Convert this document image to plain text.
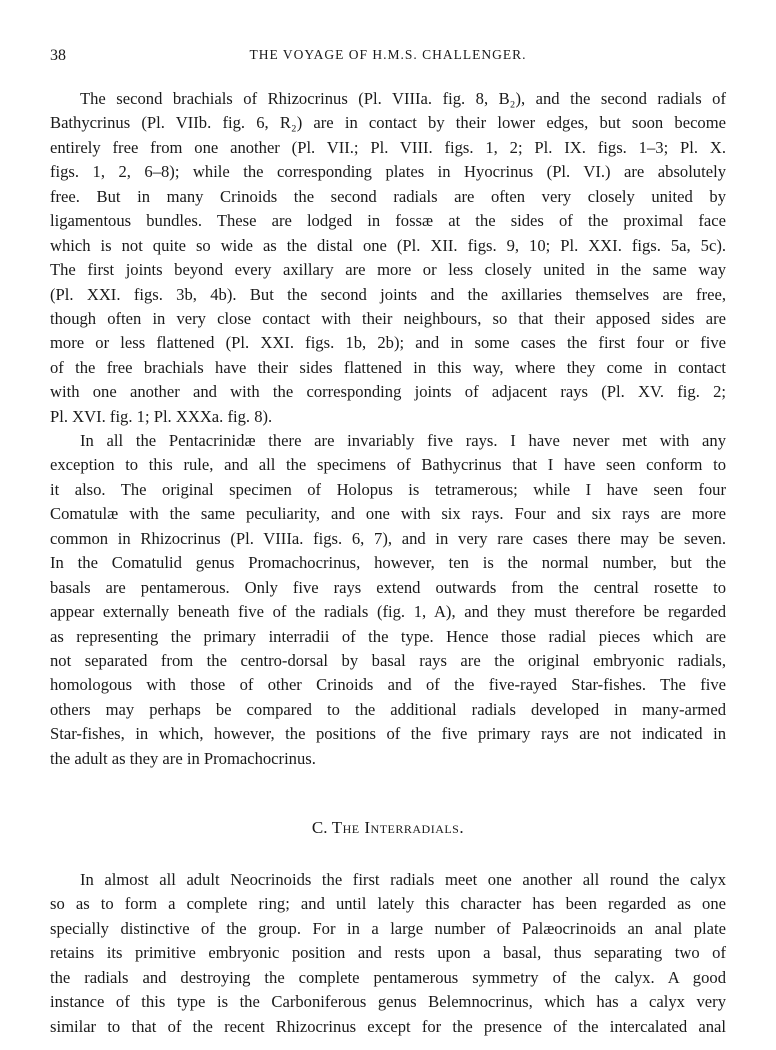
38	THE VOYAGE OF H.M.S. CHALLENGER.
The second brachials of Rhizocrinus (Pl. VIIIa. fig. 8, B₂), and the second radials of
Bathycrinus (Pl. VIIb. fig. 6, R₂) are in contact by their lower edges, but soon become
entirely free from one another (Pl. VII.; Pl. VIII. figs. 1, 2; Pl. IX. figs. 1–3; Pl. X.
figs. 1, 2, 6–8); while the corresponding plates in Hyocrinus (Pl. VI.) are absolutely
free. But in many Crinoids the second radials are often very closely united by
ligamentous bundles. These are lodged in fossæ at the sides of the proximal face
which is not quite so wide as the distal one (Pl. XII. figs. 9, 10; Pl. XXI. figs. 5a, 5c).
The first joints beyond every axillary are more or less closely united in the same way
(Pl. XXI. figs. 3b, 4b). But the second joints and the axillaries themselves are free,
though often in very close contact with their neighbours, so that their apposed sides are
more or less flattened (Pl. XXI. figs. 1b, 2b); and in some cases the first four or five
of the free brachials have their sides flattened in this way, where they come in contact
with one another and with the corresponding joints of adjacent rays (Pl. XV. fig. 2;
Pl. XVI. fig. 1; Pl. XXXa. fig. 8).
In all the Pentacrinidæ there are invariably five rays. I have never met with any
exception to this rule, and all the specimens of Bathycrinus that I have seen conform to
it also. The original specimen of Holopus is tetramerous; while I have seen four
Comatulæ with the same peculiarity, and one with six rays. Four and six rays are more
common in Rhizocrinus (Pl. VIIIa. figs. 6, 7), and in very rare cases there may be seven.
In the Comatulid genus Promachocrinus, however, ten is the normal number, but the
basals are pentamerous. Only five rays extend outwards from the central rosette to
appear externally beneath five of the radials (fig. 1, A), and they must therefore be regarded
as representing the primary interradii of the type. Hence those radial pieces which are
not separated from the centro-dorsal by basal rays are the original embryonic radials,
homologous with those of other Crinoids and of the five-rayed Star-fishes. The five
others may perhaps be compared to the additional radials developed in many-armed
Star-fishes, in which, however, the positions of the five primary rays are not indicated in
the adult as they are in Promachocrinus.
C. The Interradials.
In almost all adult Neocrinoids the first radials meet one another all round the calyx
so as to form a complete ring; and until lately this character has been regarded as one
specially distinctive of the group. For in a large number of Palæocrinoids an anal plate
retains its primitive embryonic position and rests upon a basal, thus separating two of
the radials and destroying the complete pentamerous symmetry of the calyx. A good
instance of this type is the Carboniferous genus Belemnocrinus, which has a calyx very
similar to that of the recent Rhizocrinus except for the presence of the intercalated anal
